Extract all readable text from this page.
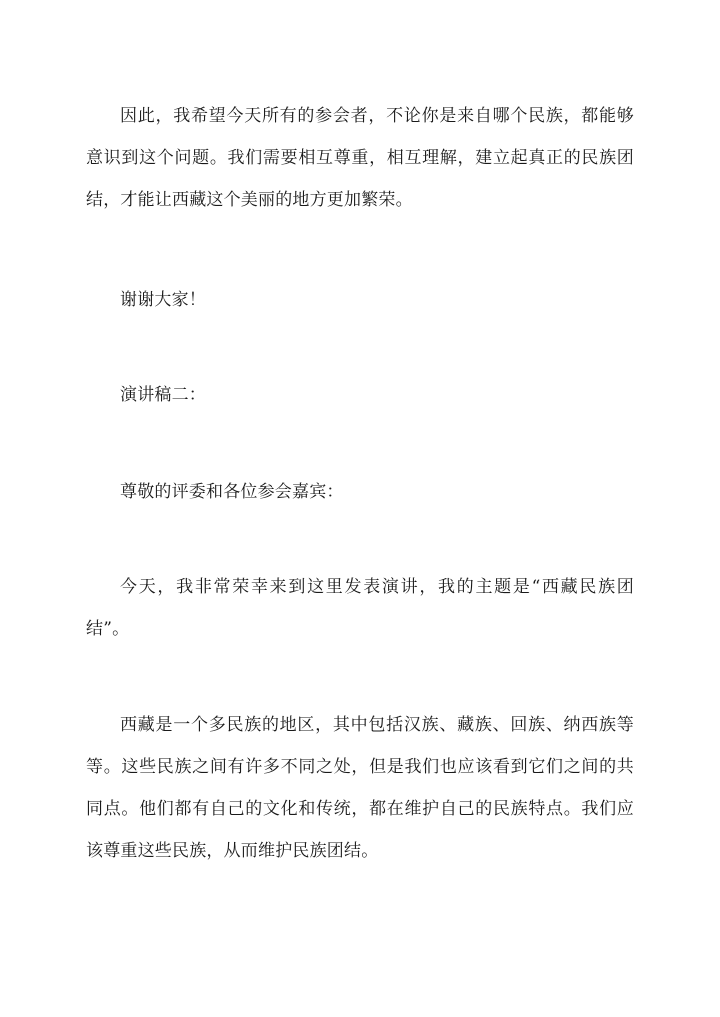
因此，我希望今天所有的参会者，不论你是来自哪个民族，都能够意识到这个问题。我们需要相互尊重，相互理解，建立起真正的民族团结，才能让西藏这个美丽的地方更加繁荣。

谢谢大家！

演讲稿二：

尊敬的评委和各位参会嘉宾：

今天，我非常荣幸来到这里发表演讲，我的主题是“西藏民族团结”。

西藏是一个多民族的地区，其中包括汉族、藏族、回族、纳西族等等。这些民族之间有许多不同之处，但是我们也应该看到它们之间的共同点。他们都有自己的文化和传统，都在维护自己的民族特点。我们应该尊重这些民族，从而维护民族团结。
